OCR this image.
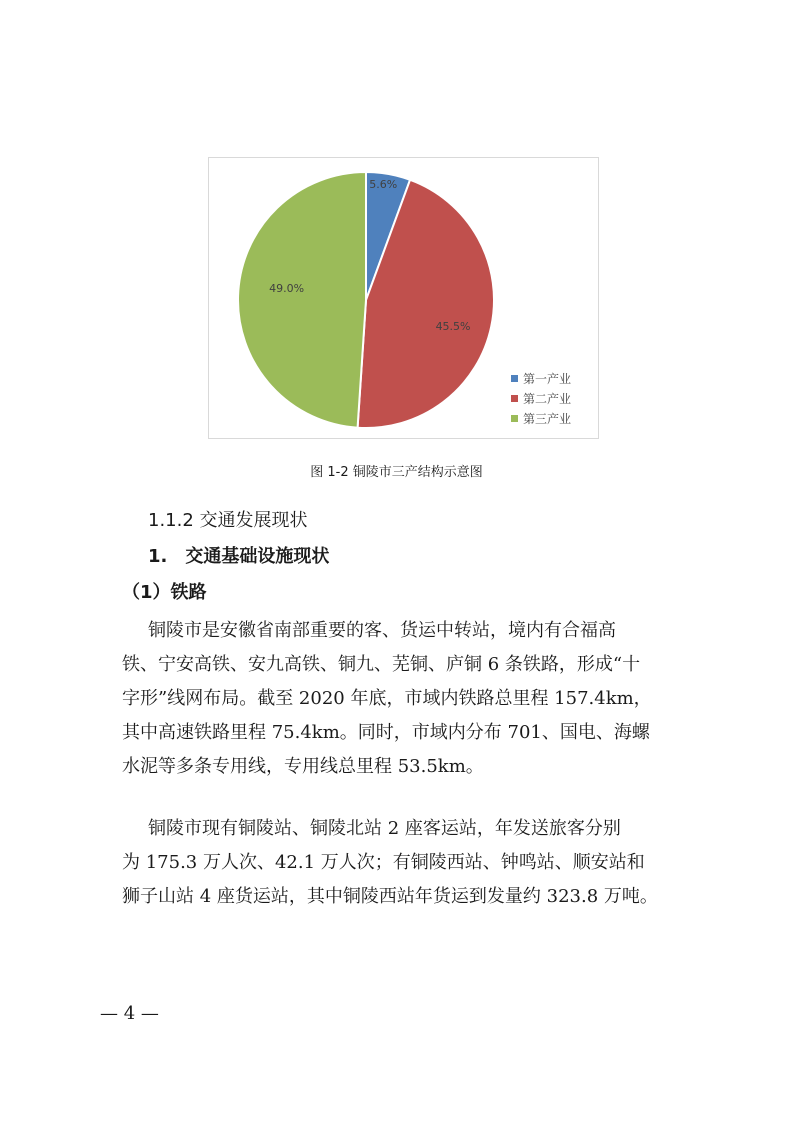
5.6%
45.5%
49.0%
第一产业
第二产业
第三产业
图 1-2 铜陵市三产结构示意图
1.1.2 交通发展现状
1.　交通基础设施现状
（1）铁路
铜陵市是安徽省南部重要的客、货运中转站，境内有合福高
铁、宁安高铁、安九高铁、铜九、芜铜、庐铜 6 条铁路，形成“十
字形”线网布局。截至 2020 年底，市域内铁路总里程 157.4km，
其中高速铁路里程 75.4km。同时，市域内分布 701、国电、海螺
水泥等多条专用线，专用线总里程 53.5km。
铜陵市现有铜陵站、铜陵北站 2 座客运站，年发送旅客分别
为 175.3 万人次、42.1 万人次；有铜陵西站、钟鸣站、顺安站和
狮子山站 4 座货运站，其中铜陵西站年货运到发量约 323.8 万吨。
— 4 —
